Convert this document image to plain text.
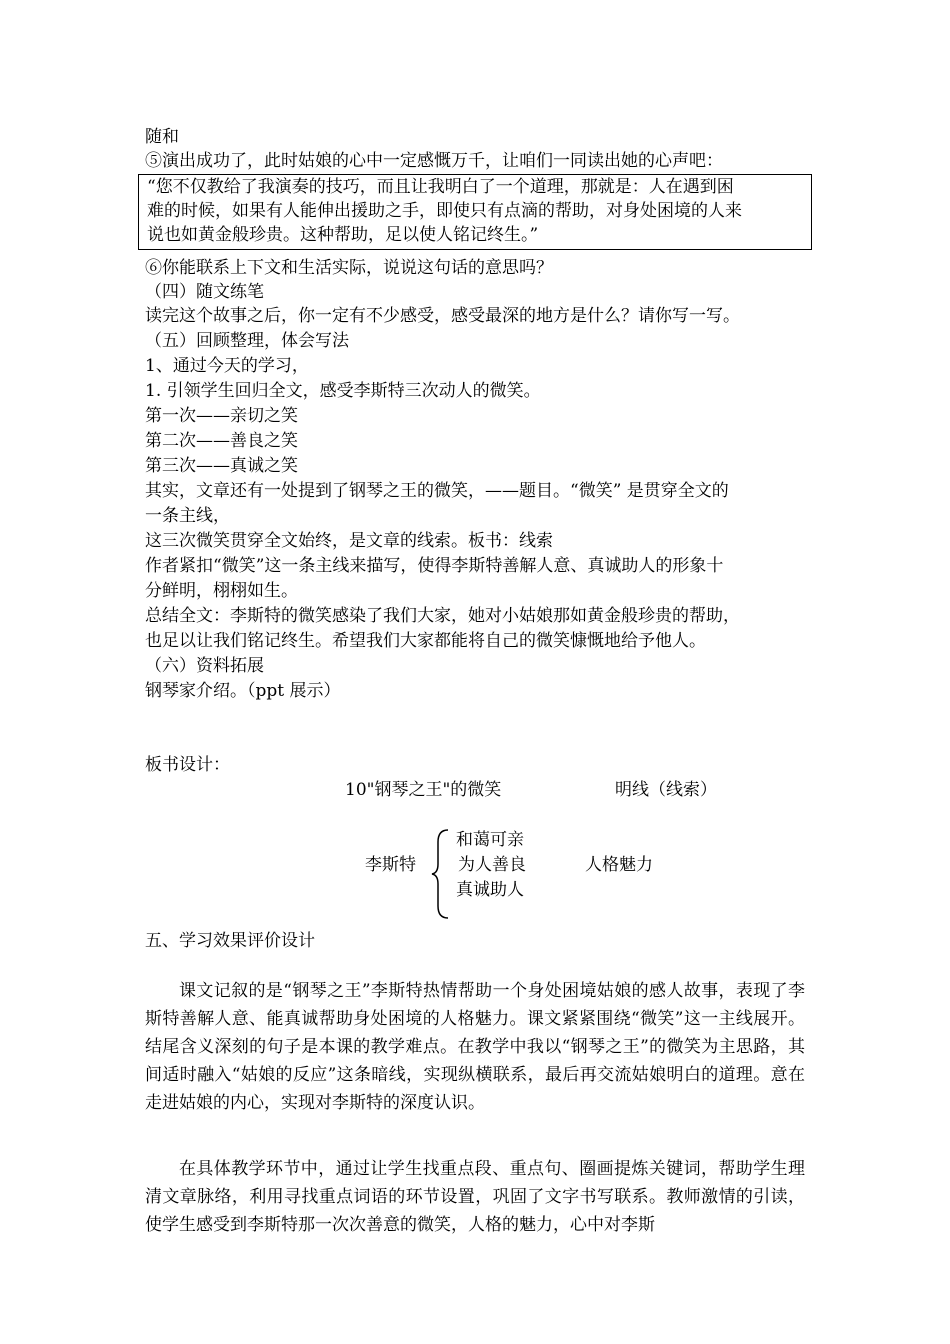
随和
⑤演出成功了，此时姑娘的心中一定感慨万千，让咱们一同读出她的心声吧：
“您不仅教给了我演奏的技巧，而且让我明白了一个道理，那就是：人在遇到困
难的时候，如果有人能伸出援助之手，即使只有点滴的帮助，对身处困境的人来
说也如黄金般珍贵。这种帮助，足以使人铭记终生。”
⑥你能联系上下文和生活实际，说说这句话的意思吗？
（四）随文练笔
读完这个故事之后，你一定有不少感受，感受最深的地方是什么？请你写一写。
（五）回顾整理，体会写法
1、通过今天的学习，
1. 引领学生回归全文，感受李斯特三次动人的微笑。
第一次——亲切之笑
第二次——善良之笑
第三次——真诚之笑
其实，文章还有一处提到了钢琴之王的微笑，——题目。“微笑” 是贯穿全文的
一条主线，
这三次微笑贯穿全文始终，是文章的线索。板书：线索
作者紧扣“微笑”这一条主线来描写，使得李斯特善解人意、真诚助人的形象十
分鲜明，栩栩如生。
总结全文：李斯特的微笑感染了我们大家，她对小姑娘那如黄金般珍贵的帮助，
也足以让我们铭记终生。希望我们大家都能将自己的微笑慷慨地给予他人。
（六）资料拓展
钢琴家介绍。（ppt 展示）
板书设计：
10"钢琴之王"的微笑	明线（线索）
李斯特
和蔼可亲
为人善良
真诚助人
人格魅力
五、学习效果评价设计
课文记叙的是“钢琴之王”李斯特热情帮助一个身处困境姑娘的感人故事，表现了李斯特善解人意、能真诚帮助身处困境的人格魅力。课文紧紧围绕“微笑”这一主线展开。结尾含义深刻的句子是本课的教学难点。在教学中我以“钢琴之王”的微笑为主思路，其间适时融入“姑娘的反应”这条暗线，实现纵横联系，最后再交流姑娘明白的道理。意在走进姑娘的内心，实现对李斯特的深度认识。
在具体教学环节中，通过让学生找重点段、重点句、圈画提炼关键词，帮助学生理清文章脉络，利用寻找重点词语的环节设置，巩固了文字书写联系。教师激情的引读，使学生感受到李斯特那一次次善意的微笑，人格的魅力，心中对李斯
